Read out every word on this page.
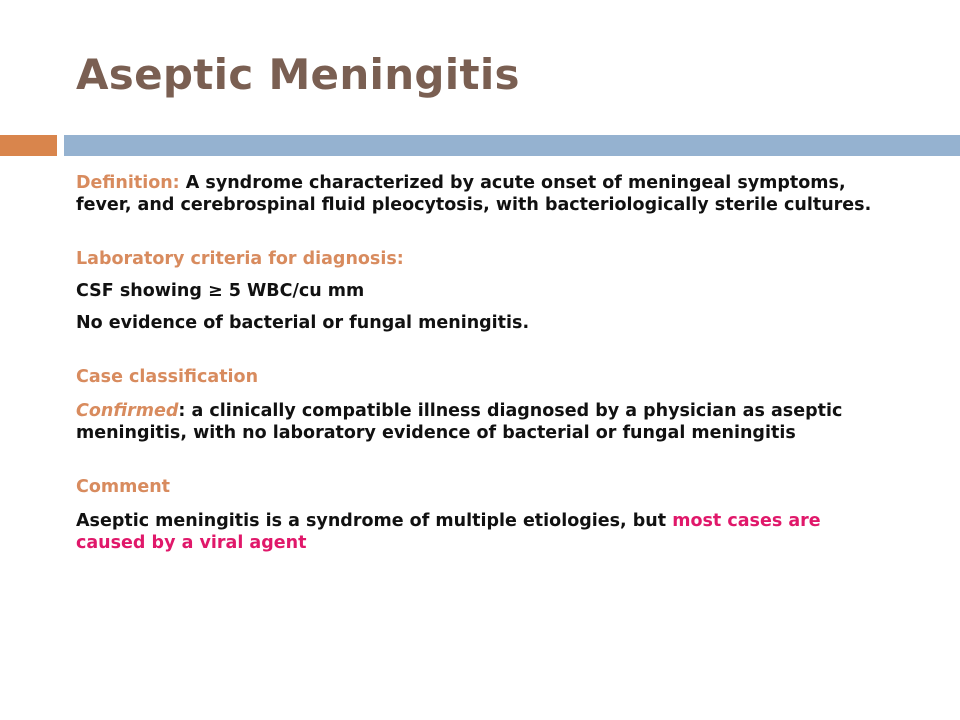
Aseptic Meningitis

Definition: A syndrome characterized by acute onset of meningeal symptoms, fever, and cerebrospinal fluid pleocytosis, with bacteriologically sterile cultures.

Laboratory criteria for diagnosis:

CSF showing ≥ 5 WBC/cu mm

No evidence of bacterial or fungal meningitis.

Case classification

Confirmed: a clinically compatible illness diagnosed by a physician as aseptic meningitis, with no laboratory evidence of bacterial or fungal meningitis

Comment

Aseptic meningitis is a syndrome of multiple etiologies, but most cases are caused by a viral agent
